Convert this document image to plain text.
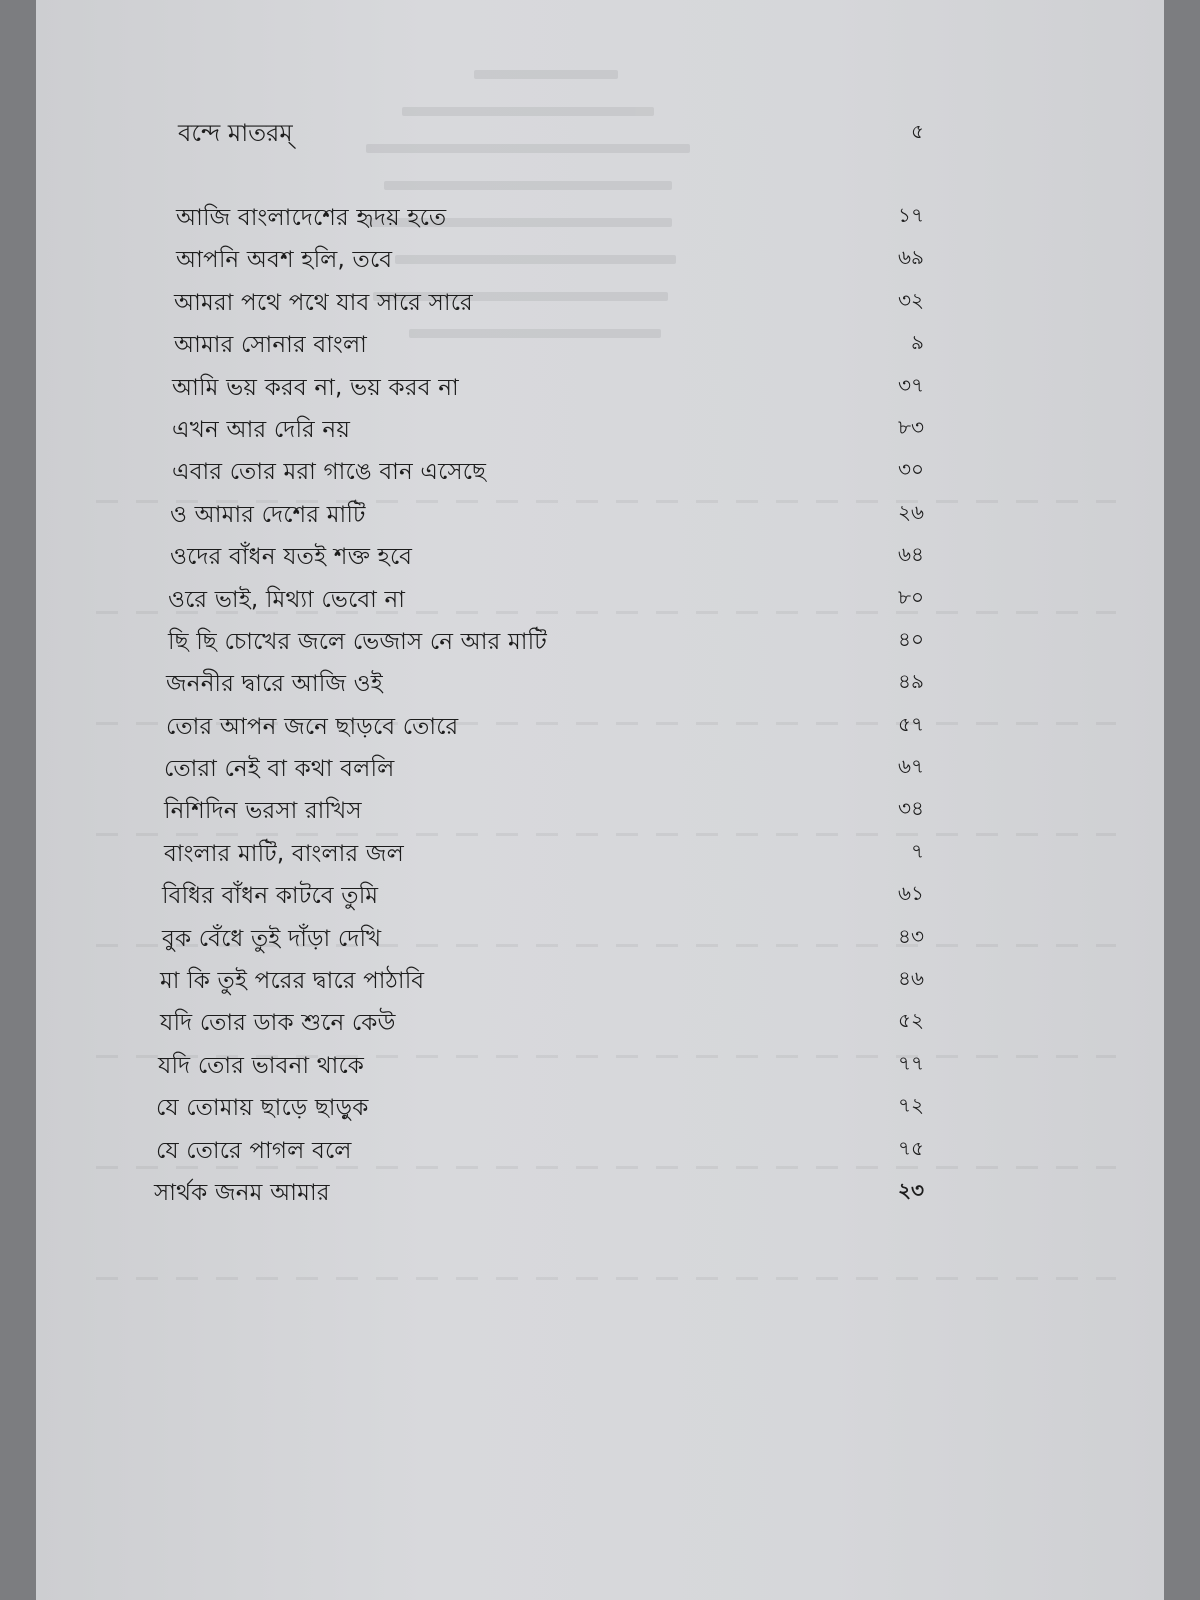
বন্দে মাতরম্	৫
আজি বাংলাদেশের হৃদয় হতে	১৭
আপনি অবশ হলি, তবে	৬৯
আমরা পথে পথে যাব সারে সারে	৩২
আমার সোনার বাংলা	৯
আমি ভয় করব না, ভয় করব না	৩৭
এখন আর দেরি নয়	৮৩
এবার তোর মরা গাঙে বান এসেছে	৩০
ও আমার দেশের মাটি	২৬
ওদের বাঁধন যতই শক্ত হবে	৬৪
ওরে ভাই, মিথ্যা ভেবো না	৮০
ছি ছি চোখের জলে ভেজাস নে আর মাটি	৪০
জননীর দ্বারে আজি ওই	৪৯
তোর আপন জনে ছাড়বে তোরে	৫৭
তোরা নেই বা কথা বললি	৬৭
নিশিদিন ভরসা রাখিস	৩৪
বাংলার মাটি, বাংলার জল	৭
বিধির বাঁধন কাটবে তুমি	৬১
বুক বেঁধে তুই দাঁড়া দেখি	৪৩
মা কি তুই পরের দ্বারে পাঠাবি	৪৬
যদি তোর ডাক শুনে কেউ	৫২
যদি তোর ভাবনা থাকে	৭৭
যে তোমায় ছাড়ে ছাড়ুক	৭২
যে তোরে পাগল বলে	৭৫
সার্থক জনম আমার	২৩
